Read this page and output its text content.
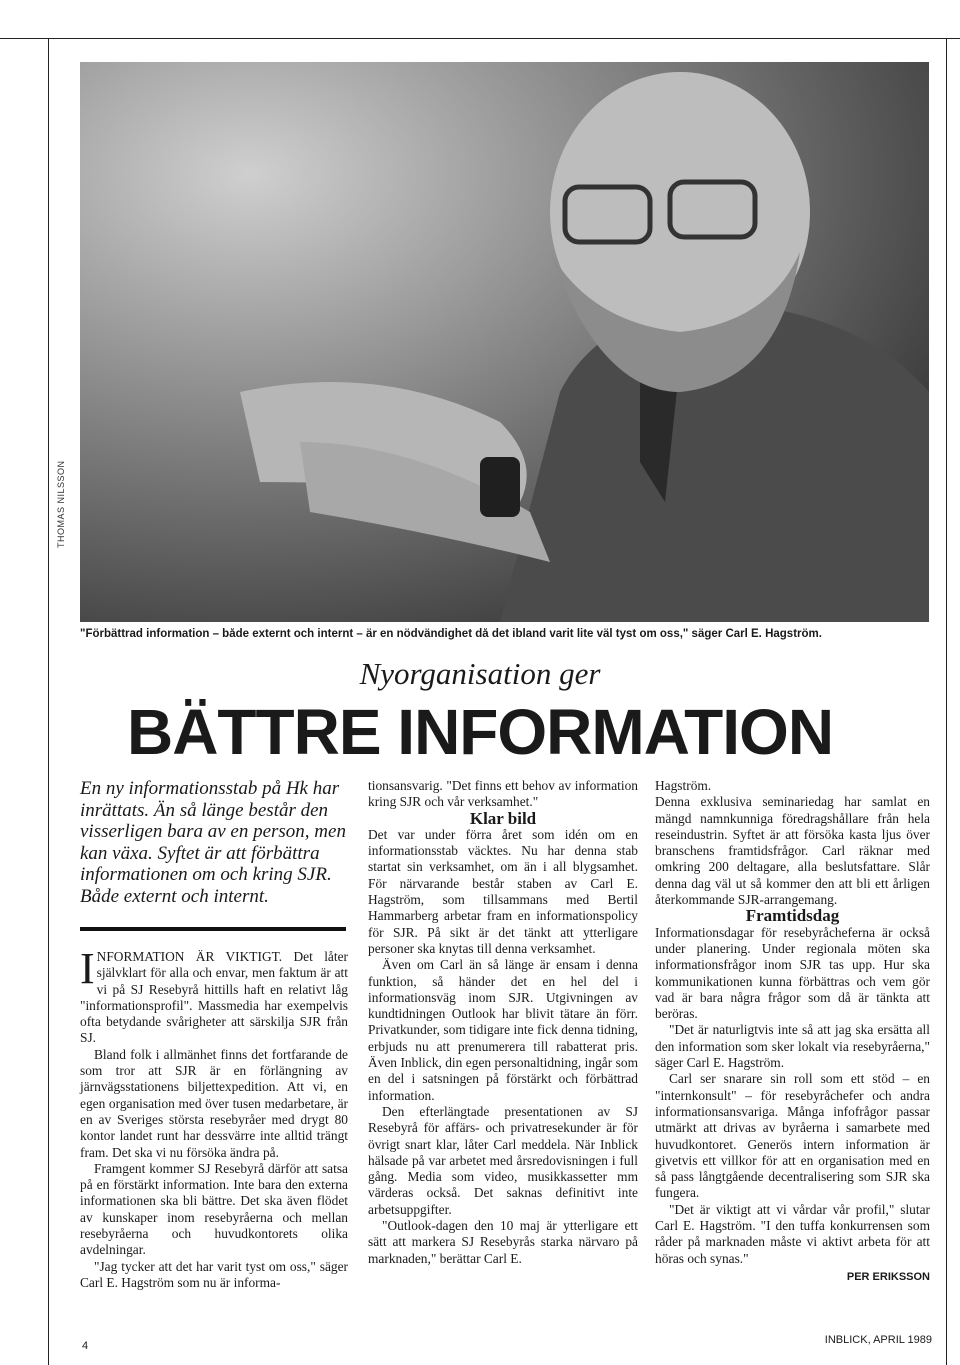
THOMAS NILSSON
"Förbättrad information – både externt och internt – är en nödvändighet då det ibland varit lite väl tyst om oss," säger Carl E. Hagström.
Nyorganisation ger
BÄTTRE INFORMATION

En ny informationsstab på Hk har inrättats. Än så länge består den visserligen bara av en person, men kan växa. Syftet är att förbättra informationen om och kring SJR. Både externt och internt.

INFORMATION ÄR VIKTIGT. Det låter självklart för alla och envar, men faktum är att vi på SJ Resebyrå hittills haft en relativt låg "informationsprofil". Massmedia har exempelvis ofta betydande svårigheter att särskilja SJR från SJ.

Bland folk i allmänhet finns det fortfarande de som tror att SJR är en förlängning av järnvägsstationens biljettexpedition. Att vi, en egen organisation med över tusen medarbetare, är en av Sveriges största resebyråer med drygt 80 kontor landet runt har dessvärre inte alltid trängt fram. Det ska vi nu försöka ändra på.

Framgent kommer SJ Resebyrå därför att satsa på en förstärkt information. Inte bara den externa informationen ska bli bättre. Det ska även flödet av kunskaper inom resebyråerna och mellan resebyråerna och huvudkontorets olika avdelningar.

"Jag tycker att det har varit tyst om oss," säger Carl E. Hagström som nu är informa-

tionsansvarig. "Det finns ett behov av information kring SJR och vår verksamhet."

Klar bild

Det var under förra året som idén om en informationsstab väcktes. Nu har denna stab startat sin verksamhet, om än i all blygsamhet. För närvarande består staben av Carl E. Hagström, som tillsammans med Bertil Hammarberg arbetar fram en informationspolicy för SJR. På sikt är det tänkt att ytterligare personer ska knytas till denna verksamhet.

Även om Carl än så länge är ensam i denna funktion, så händer det en hel del i informationsväg inom SJR. Utgivningen av kundtidningen Outlook har blivit tätare än förr. Privatkunder, som tidigare inte fick denna tidning, erbjuds nu att prenumerera till rabatterat pris. Även Inblick, din egen personaltidning, ingår som en del i satsningen på förstärkt och förbättrad information.

Den efterlängtade presentationen av SJ Resebyrå för affärs- och privatresekunder är för övrigt snart klar, låter Carl meddela. När Inblick hälsade på var arbetet med årsredovisningen i full gång. Media som video, musikkassetter mm värderas också. Det saknas definitivt inte arbetsuppgifter.

"Outlook-dagen den 10 maj är ytterligare ett sätt att markera SJ Resebyrås starka närvaro på marknaden," berättar Carl E.

Hagström.

Denna exklusiva seminariedag har samlat en mängd namnkunniga föredragshållare från hela reseindustrin. Syftet är att försöka kasta ljus över branschens framtidsfrågor. Carl räknar med omkring 200 deltagare, alla beslutsfattare. Slår denna dag väl ut så kommer den att bli ett årligen återkommande SJR-arrangemang.

Framtidsdag

Informationsdagar för resebyråcheferna är också under planering. Under regionala möten ska informationsfrågor inom SJR tas upp. Hur ska kommunikationen kunna förbättras och vem gör vad är bara några frågor som då är tänkta att beröras.

"Det är naturligtvis inte så att jag ska ersätta all den information som sker lokalt via resebyråerna," säger Carl E. Hagström.

Carl ser snarare sin roll som ett stöd – en "internkonsult" – för resebyråchefer och andra informationsansvariga. Många infofrågor passar utmärkt att drivas av byråerna i samarbete med huvudkontoret. Generös intern information är givetvis ett villkor för att en organisation med en så pass långtgående decentralisering som SJR ska fungera.

"Det är viktigt att vi vårdar vår profil," slutar Carl E. Hagström. "I den tuffa konkurrensen som råder på marknaden måste vi aktivt arbeta för att höras och synas."

PER ERIKSSON
4	INBLICK, APRIL 1989
